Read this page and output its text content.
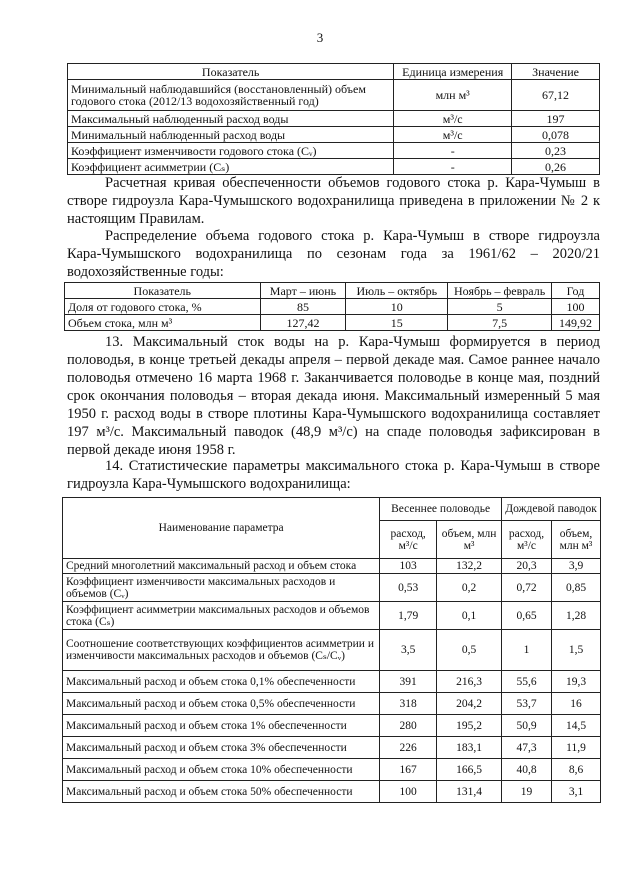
3
Показатель	Единица измерения	Значение
Минимальный наблюдавшийся (восстановленный) объем годового стока (2012/13 водохозяйственный год)	млн м³	67,12
Максимальный наблюденный расход воды	м³/с	197
Минимальный наблюденный расход воды	м³/с	0,078
Коэффициент изменчивости годового стока (Cᵥ)	-	0,23
Коэффициент асимметрии (Cₛ)	-	0,26

Расчетная кривая обеспеченности объемов годового стока р. Кара-Чумыш в створе гидроузла Кара-Чумышского водохранилища приведена в приложении № 2 к настоящим Правилам.

Распределение объема годового стока р. Кара-Чумыш в створе гидроузла
Кара-Чумышского водохранилища по сезонам года за 1961/62 – 2020/21
водохозяйственные годы:
Показатель	Март – июнь	Июль – октябрь	Ноябрь – февраль	Год
Доля от годового стока, %	85	10	5	100
Объем стока, млн м³	127,42	15	7,5	149,92

13. Максимальный сток воды на р. Кара-Чумыш формируется в период половодья, в конце третьей декады апреля – первой декаде мая. Самое раннее начало половодья отмечено 16 марта 1968 г. Заканчивается половодье в конце мая, поздний срок окончания половодья – вторая декада июня. Максимальный измеренный 5 мая 1950 г. расход воды в створе плотины Кара-Чумышского водохранилища составляет 197 м³/с. Максимальный паводок (48,9 м³/с) на спаде половодья зафиксирован в первой декаде июня 1958 г.

14. Статистические параметры максимального стока р. Кара-Чумыш в створе гидроузла Кара-Чумышского водохранилища:

Наименование параметра	Весеннее половодье		Дождевой паводок	
	расход, м³/с	объем, млн м³	расход, м³/с	объем, млн м³
Средний многолетний максимальный расход и объем стока	103	132,2	20,3	3,9
Коэффициент изменчивости максимальных расходов и объемов (Cᵥ)	0,53	0,2	0,72	0,85
Коэффициент асимметрии максимальных расходов и объемов стока (Cₛ)	1,79	0,1	0,65	1,28
Соотношение соответствующих коэффициентов асимметрии и изменчивости максимальных расходов и объемов (Cₛ/Cᵥ)	3,5	0,5	1	1,5
Максимальный расход и объем стока 0,1% обеспеченности	391	216,3	55,6	19,3
Максимальный расход и объем стока 0,5% обеспеченности	318	204,2	53,7	16
Максимальный расход и объем стока 1% обеспеченности	280	195,2	50,9	14,5
Максимальный расход и объем стока 3% обеспеченности	226	183,1	47,3	11,9
Максимальный расход и объем стока 10% обеспеченности	167	166,5	40,8	8,6
Максимальный расход и объем стока 50% обеспеченности	100	131,4	19	3,1
